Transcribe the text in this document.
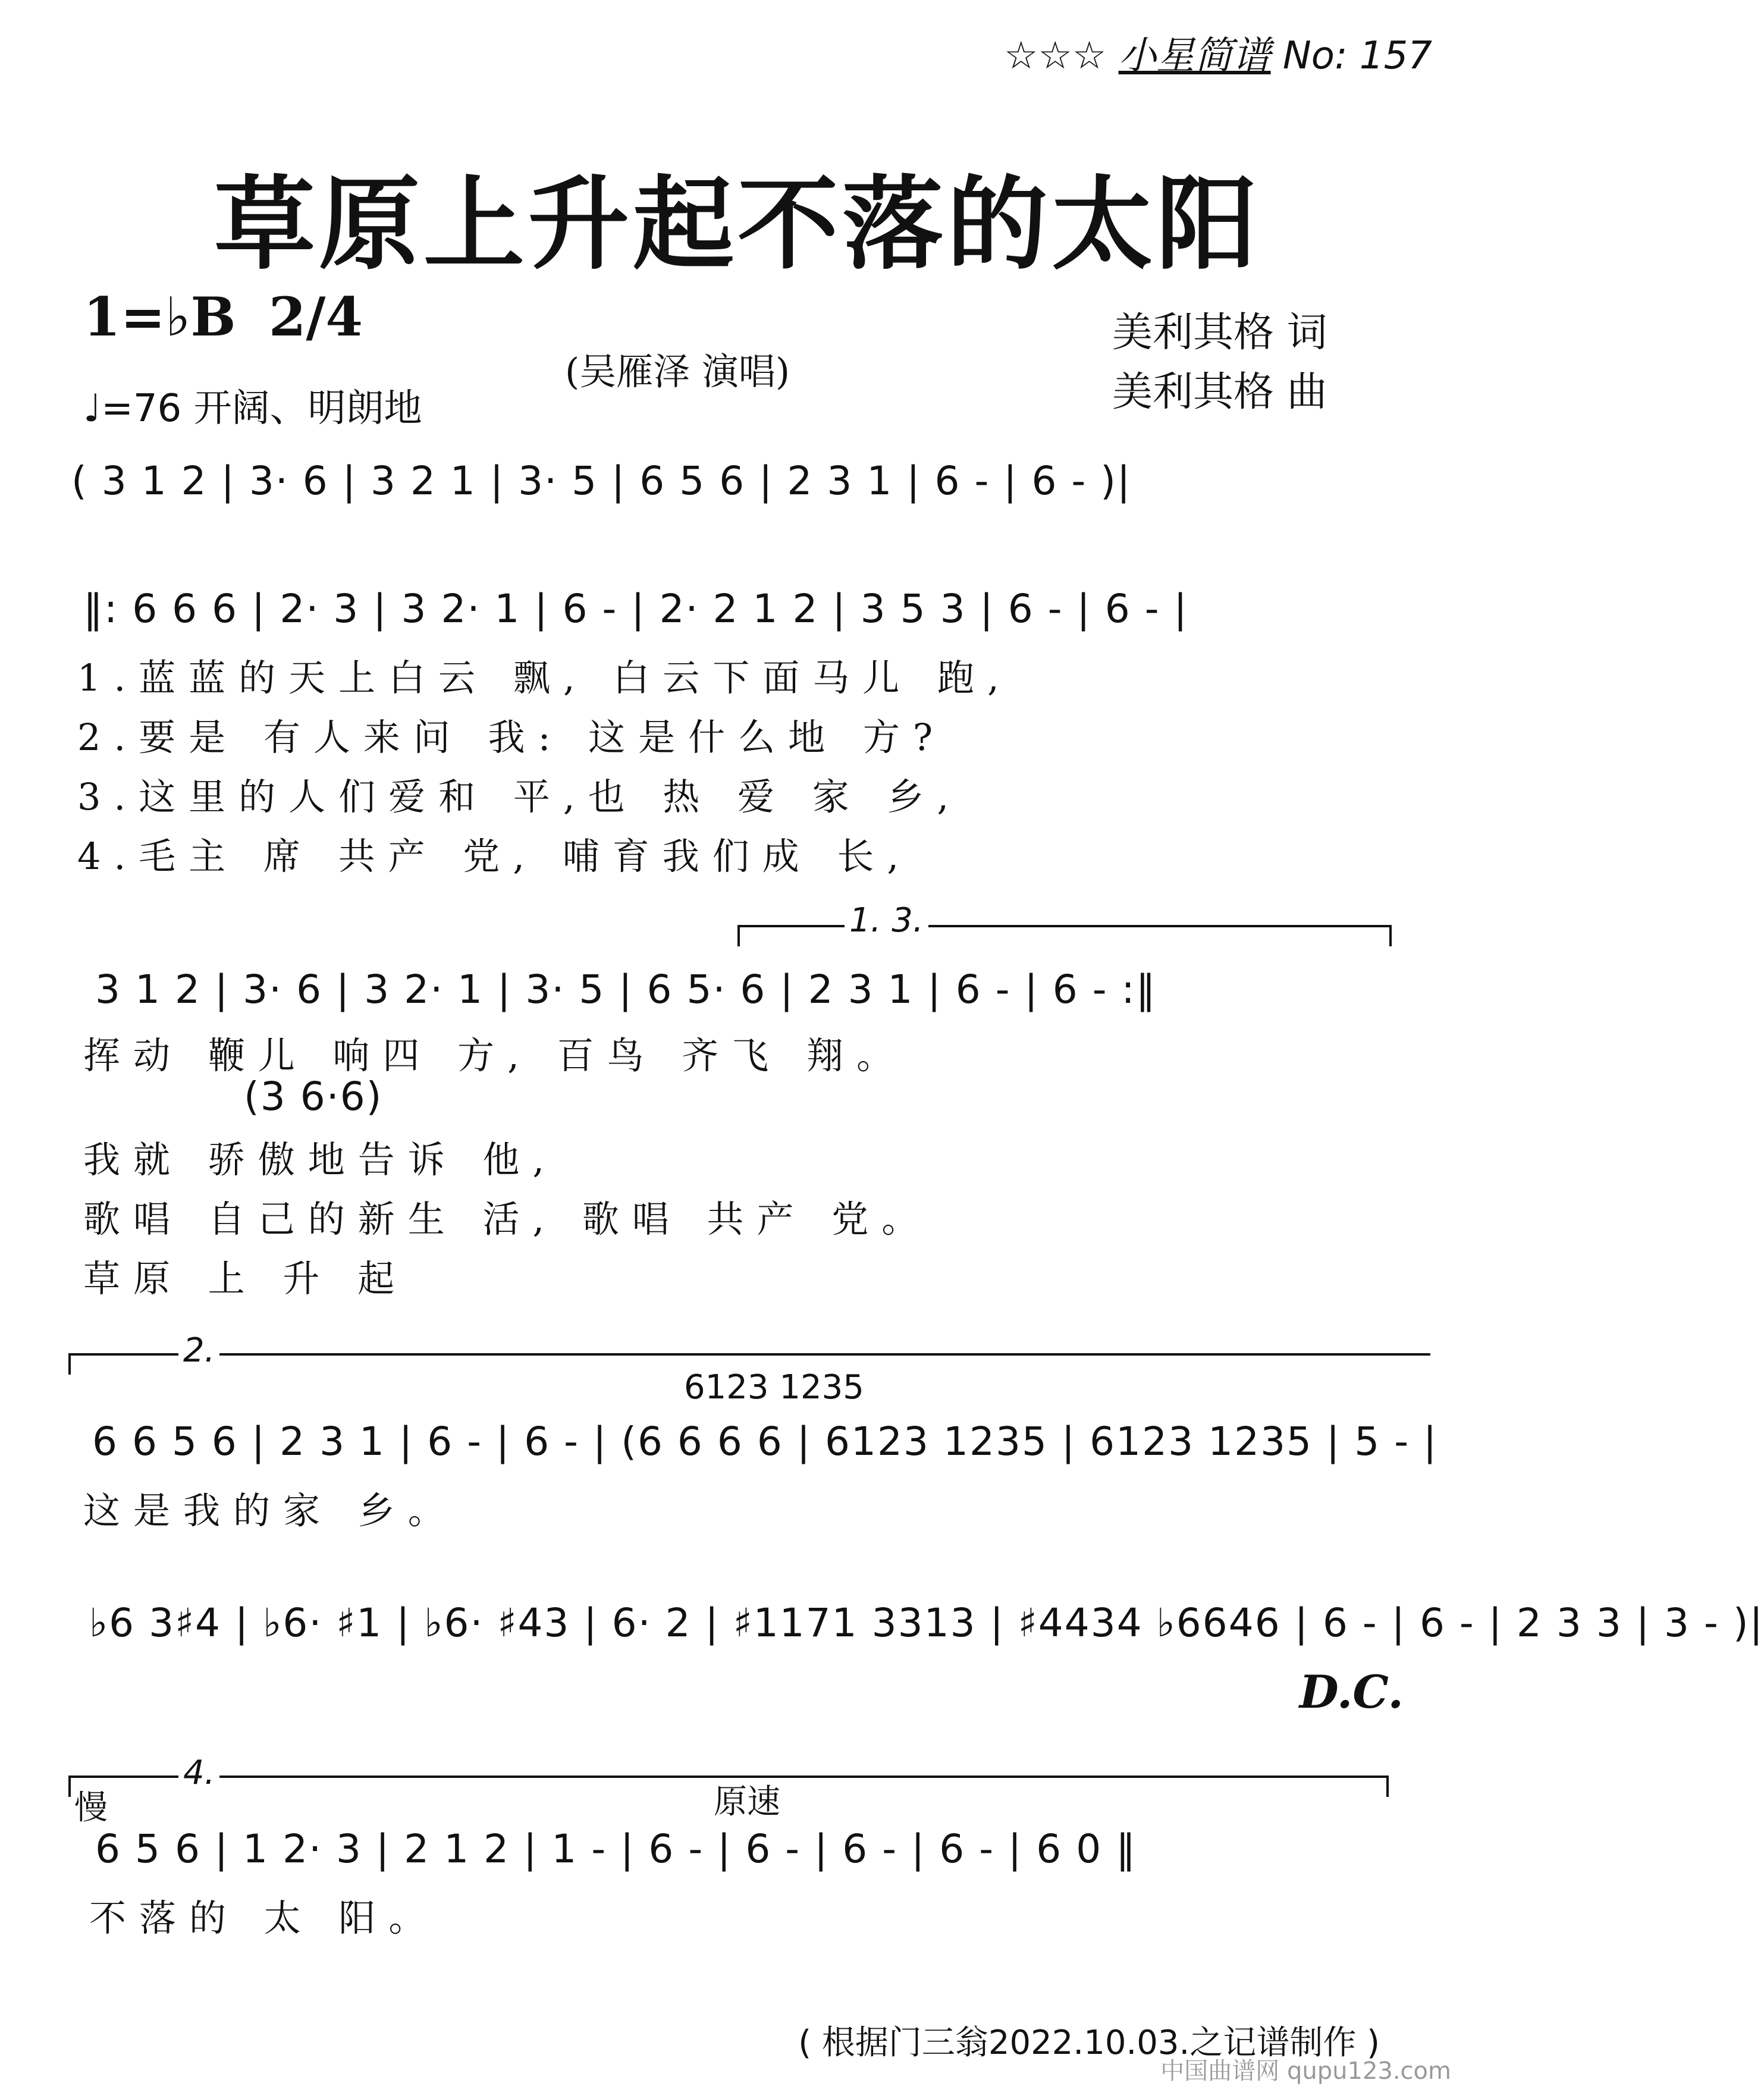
☆☆☆ 小星简谱 No: 157
草原上升起不落的太阳
1=♭B 2/4
(吴雁泽 演唱)
♩=76 开阔、明朗地
美利其格 词
美利其格 曲
( 3 1 2 | 3· 6 | 3 2 1 | 3· 5 | 6 5 6 | 2 3 1 | 6 - | 6 - )|
‖: 6 6 6 | 2· 3 | 3 2· 1 | 6 - | 2· 2 1 2 | 3 5 3 | 6 - | 6 - |
1.蓝蓝的天上白云 飘, 白云下面马儿 跑,
2.要是 有人来问 我: 这是什么地 方?
3.这里的人们爱和 平,也 热 爱 家 乡,
4.毛主 席 共产 党, 哺育我们成 长,
1. 3.
3 1 2 | 3· 6 | 3 2· 1 | 3· 5 | 6 5· 6 | 2 3 1 | 6 - | 6 - :‖
挥动 鞭儿 响四 方, 百鸟 齐飞 翔。
(3 6·6)
我就 骄傲地告诉 他,
歌唱 自己的新生 活, 歌唱 共产 党。
草原 上 升 起
2.
6123 1235
6 6 5 6 | 2 3 1 | 6 - | 6 - | (6 6 6 6 | 6123 1235 | 6123 1235 | 5 - |
这是我的家 乡。
♭6 3♯4 | ♭6· ♯1 | ♭6· ♯43 | 6· 2 | ♯1171 3313 | ♯4434 ♭6646 | 6 - | 6 - | 2 3 3 | 3 - )|
D.C.
4.
慢	原速
6 5 6 | 1 2· 3 | 2 1 2 | 1 - | 6 - | 6 - | 6 - | 6 - | 6 0 ‖
不落的 太 阳。
( 根据门三翁2022.10.03.之记谱制作 )
中国曲谱网 qupu123.com
